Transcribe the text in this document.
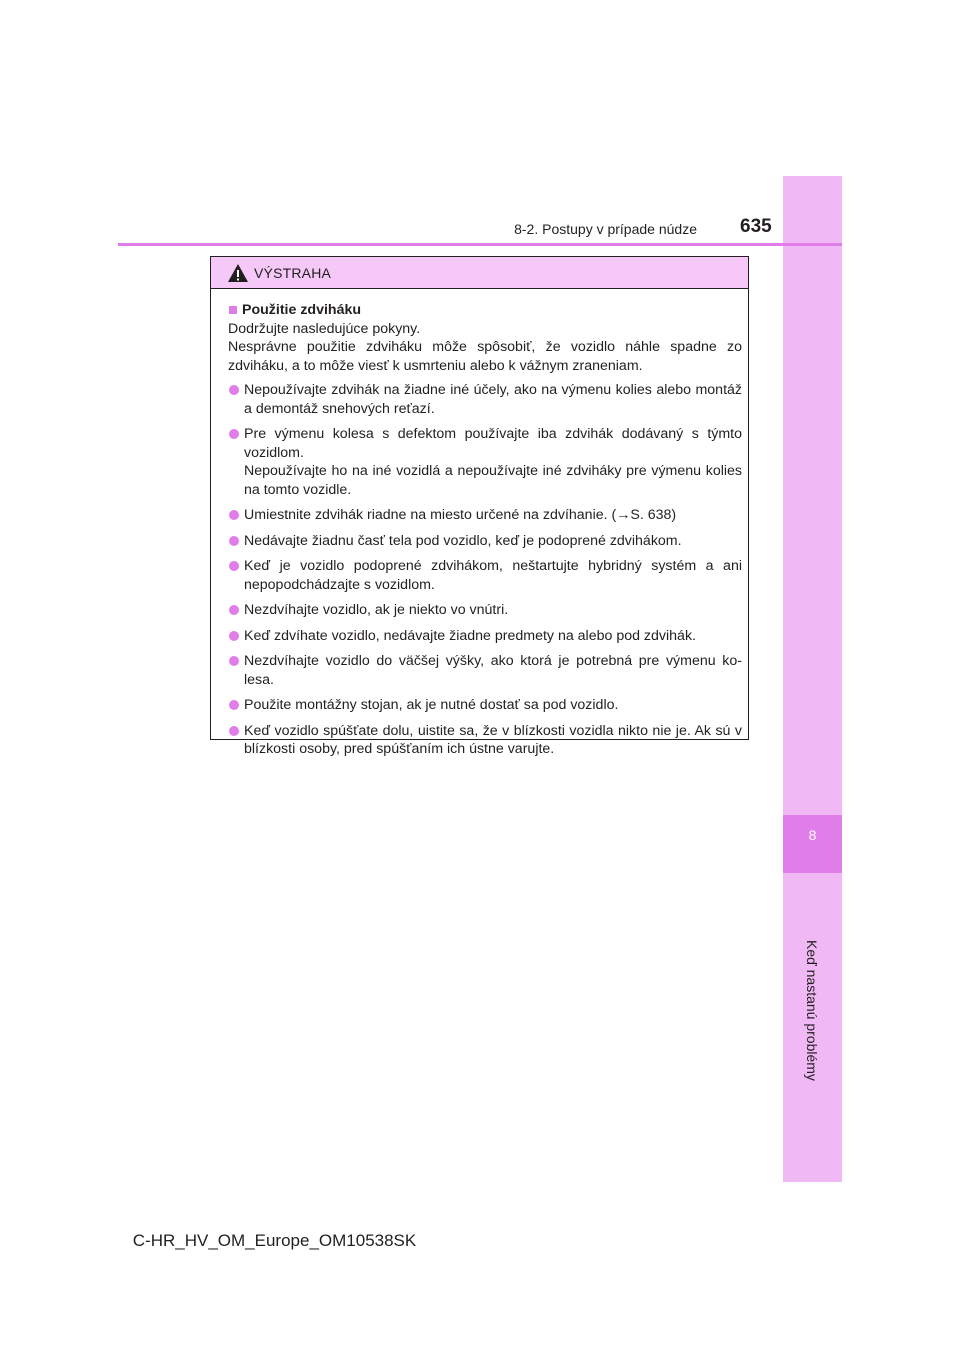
8
Keď nastanú problémy
8-2. Postupy v prípade núdze 635
VÝSTRAHA
Použitie zdviháku

Dodržujte nasledujúce pokyny.

Nesprávne použitie zdviháku môže spôsobiť, že vozidlo náhle spadne zo zdviháku, a to môže viesť k usmrteniu alebo k vážnym zraneniam.

Nepoužívajte zdvihák na žiadne iné účely, ako na výmenu kolies alebo montáž a demontáž snehových reťazí.
Pre výmenu kolesa s defektom používajte iba zdvihák dodávaný s týmto vozidlom.
Nepoužívajte ho na iné vozidlá a nepoužívajte iné zdviháky pre výmenu kolies na tomto vozidle.
Umiestnite zdvihák riadne na miesto určené na zdvíhanie. (→S. 638)
Nedávajte žiadnu časť tela pod vozidlo, keď je podoprené zdvihákom.
Keď je vozidlo podoprené zdvihákom, neštartujte hybridný systém a ani nepopodchádzajte s vozidlom.
Nezdvíhajte vozidlo, ak je niekto vo vnútri.
Keď zdvíhate vozidlo, nedávajte žiadne predmety na alebo pod zdvihák.
Nezdvíhajte vozidlo do väčšej výšky, ako ktorá je potrebná pre výmenu ko-lesa.
Použite montážny stojan, ak je nutné dostať sa pod vozidlo.
Keď vozidlo spúšťate dolu, uistite sa, že v blízkosti vozidla nikto nie je. Ak sú v blízkosti osoby, pred spúšťaním ich ústne varujte.
C-HR_HV_OM_Europe_OM10538SK
